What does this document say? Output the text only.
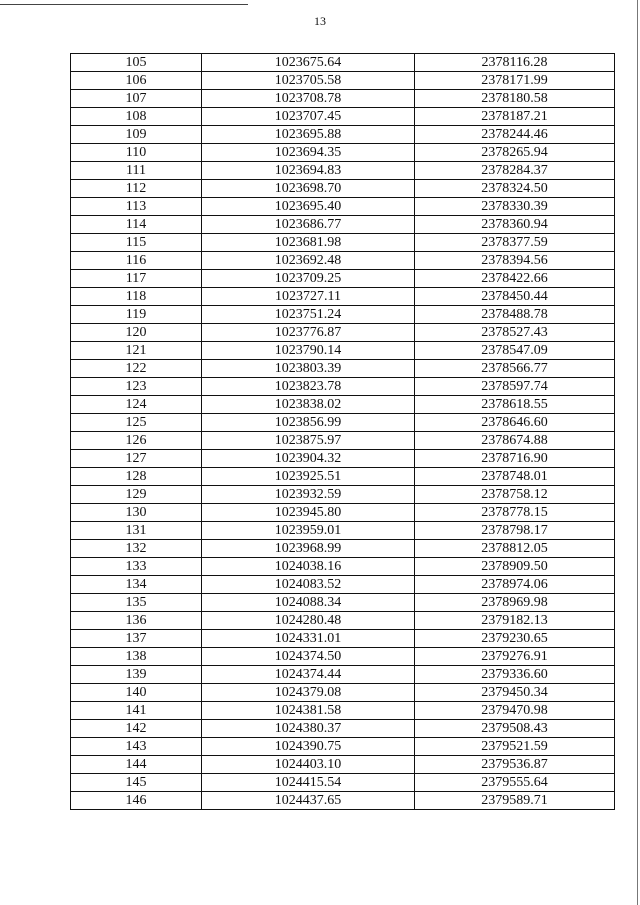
13
105	1023675.64	2378116.28
106	1023705.58	2378171.99
107	1023708.78	2378180.58
108	1023707.45	2378187.21
109	1023695.88	2378244.46
110	1023694.35	2378265.94
111	1023694.83	2378284.37
112	1023698.70	2378324.50
113	1023695.40	2378330.39
114	1023686.77	2378360.94
115	1023681.98	2378377.59
116	1023692.48	2378394.56
117	1023709.25	2378422.66
118	1023727.11	2378450.44
119	1023751.24	2378488.78
120	1023776.87	2378527.43
121	1023790.14	2378547.09
122	1023803.39	2378566.77
123	1023823.78	2378597.74
124	1023838.02	2378618.55
125	1023856.99	2378646.60
126	1023875.97	2378674.88
127	1023904.32	2378716.90
128	1023925.51	2378748.01
129	1023932.59	2378758.12
130	1023945.80	2378778.15
131	1023959.01	2378798.17
132	1023968.99	2378812.05
133	1024038.16	2378909.50
134	1024083.52	2378974.06
135	1024088.34	2378969.98
136	1024280.48	2379182.13
137	1024331.01	2379230.65
138	1024374.50	2379276.91
139	1024374.44	2379336.60
140	1024379.08	2379450.34
141	1024381.58	2379470.98
142	1024380.37	2379508.43
143	1024390.75	2379521.59
144	1024403.10	2379536.87
145	1024415.54	2379555.64
146	1024437.65	2379589.71
